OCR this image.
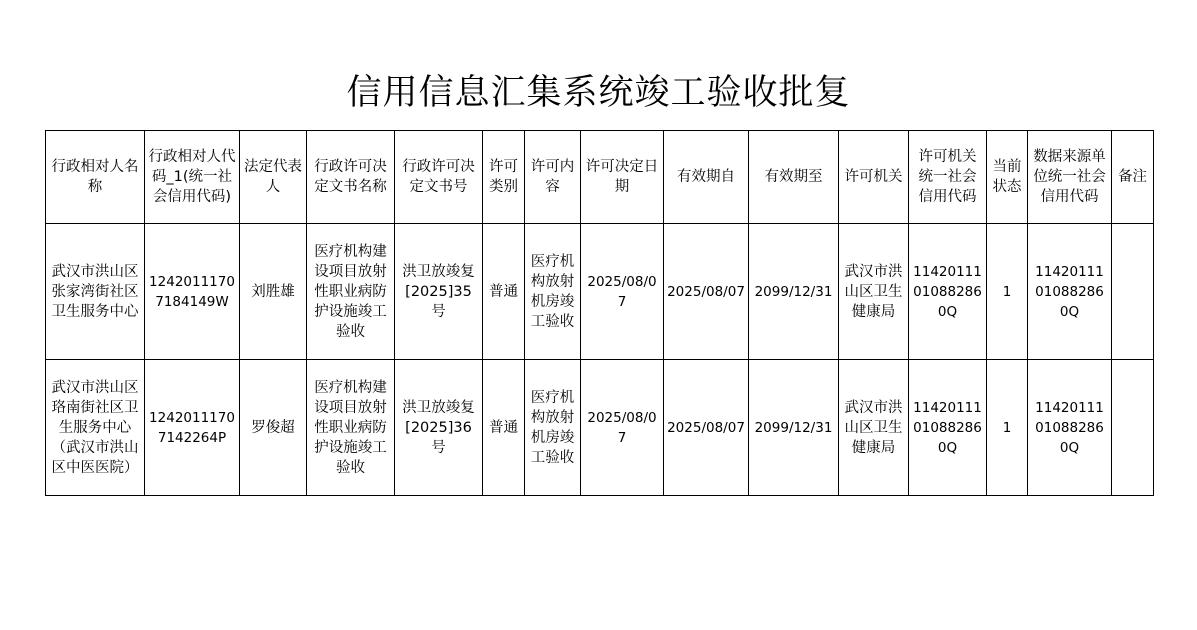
信用信息汇集系统竣工验收批复
行政相对人名称	行政相对人代码_1(统一社会信用代码)	法定代表人	行政许可决定文书名称	行政许可决定文书号	许可类别	许可内容	许可决定日期	有效期自	有效期至	许可机关	许可机关统一社会信用代码	当前状态	数据来源单位统一社会信用代码	备注
武汉市洪山区张家湾街社区卫生服务中心	12420111707184149W	刘胜雄	医疗机构建设项目放射性职业病防护设施竣工验收	洪卫放竣复[2025]35号	普通	医疗机构放射机房竣工验收	2025/08/07	2025/08/07	2099/12/31	武汉市洪山区卫生健康局	11420111010882860Q	1	11420111010882860Q	
武汉市洪山区珞南街社区卫生服务中心（武汉市洪山区中医医院）	12420111707142264P	罗俊超	医疗机构建设项目放射性职业病防护设施竣工验收	洪卫放竣复[2025]36号	普通	医疗机构放射机房竣工验收	2025/08/07	2025/08/07	2099/12/31	武汉市洪山区卫生健康局	11420111010882860Q	1	11420111010882860Q	
